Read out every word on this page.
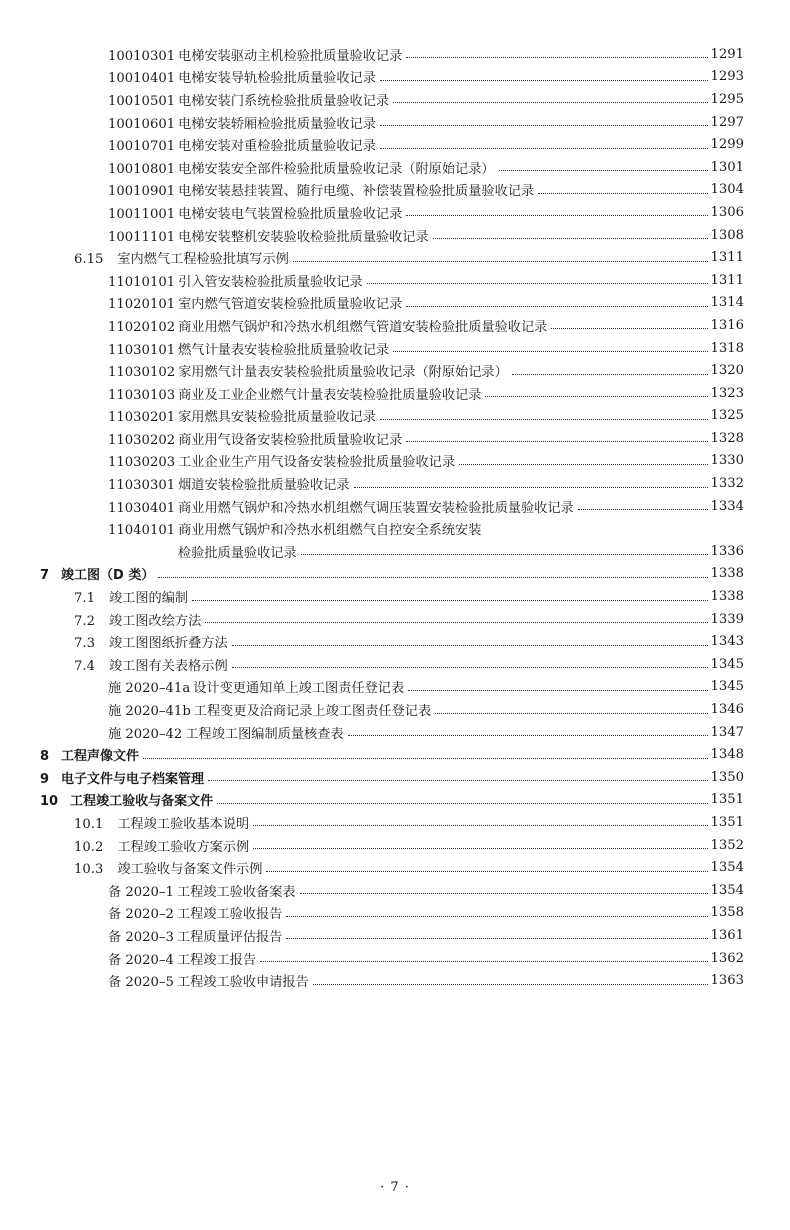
10010301 电梯安装驱动主机检验批质量验收记录	1291
10010401 电梯安装导轨检验批质量验收记录	1293
10010501 电梯安装门系统检验批质量验收记录	1295
10010601 电梯安装轿厢检验批质量验收记录	1297
10010701 电梯安装对重检验批质量验收记录	1299
10010801 电梯安装安全部件检验批质量验收记录（附原始记录）	1301
10010901 电梯安装悬挂装置、随行电缆、补偿装置检验批质量验收记录	1304
10011001 电梯安装电气装置检验批质量验收记录	1306
10011101 电梯安装整机安装验收检验批质量验收记录	1308
6.15 室内燃气工程检验批填写示例	1311
11010101 引入管安装检验批质量验收记录	1311
11020101 室内燃气管道安装检验批质量验收记录	1314
11020102 商业用燃气锅炉和冷热水机组燃气管道安装检验批质量验收记录	1316
11030101 燃气计量表安装检验批质量验收记录	1318
11030102 家用燃气计量表安装检验批质量验收记录（附原始记录）	1320
11030103 商业及工业企业燃气计量表安装检验批质量验收记录	1323
11030201 家用燃具安装检验批质量验收记录	1325
11030202 商业用气设备安装检验批质量验收记录	1328
11030203 工业企业生产用气设备安装检验批质量验收记录	1330
11030301 烟道安装检验批质量验收记录	1332
11030401 商业用燃气锅炉和冷热水机组燃气调压装置安装检验批质量验收记录	1334
11040101 商业用燃气锅炉和冷热水机组燃气自控安全系统安装
检验批质量验收记录	1336
7 竣工图（D 类）	1338
7.1 竣工图的编制	1338
7.2 竣工图改绘方法	1339
7.3 竣工图图纸折叠方法	1343
7.4 竣工图有关表格示例	1345
施 2020–41a 设计变更通知单上竣工图责任登记表	1345
施 2020–41b 工程变更及洽商记录上竣工图责任登记表	1346
施 2020–42 工程竣工图编制质量核查表	1347
8 工程声像文件	1348
9 电子文件与电子档案管理	1350
10 工程竣工验收与备案文件	1351
10.1 工程竣工验收基本说明	1351
10.2 工程竣工验收方案示例	1352
10.3 竣工验收与备案文件示例	1354
备 2020–1 工程竣工验收备案表	1354
备 2020–2 工程竣工验收报告	1358
备 2020–3 工程质量评估报告	1361
备 2020–4 工程竣工报告	1362
备 2020–5 工程竣工验收申请报告	1363
· 7 ·
